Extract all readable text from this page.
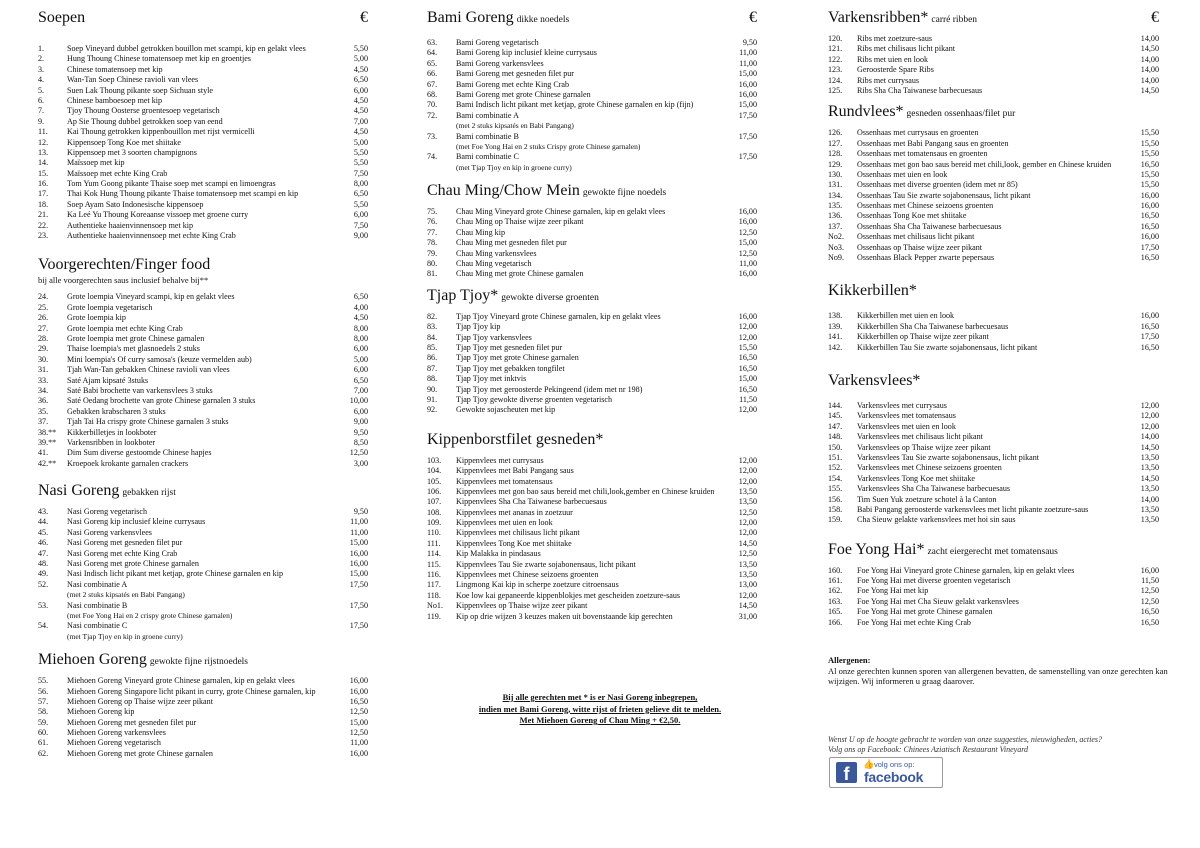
Soepen	€
1.	Soep Vineyard dubbel getrokken bouillon met scampi, kip en gelakt vlees	5,50
2.	Hung Thoung Chinese tomatensoep met kip en groentjes	5,00
3.	Chinese tomatensoep met kip	4,50
4.	Wan-Tan Soep Chinese ravioli van vlees	6,50
5.	Suen Lak Thoung pikante soep Sichuan style	6,00
6.	Chinese bamboesoep met kip	4,50
7.	Tjoy Thoung Oosterse groentesoep vegetarisch	4,50
9.	Ap Sie Thoung dubbel getrokken soep van eend	7,00
11. Kai Thoung getrokken kippenbouillon met rijst vermicelli	4,50
12. Kippensoep Tong Koe met shiitake	5,00
13. Kippensoep met 3 soorten champignons	5,50
14. Maïssoep met kip	5,50
15. Maïssoep met echte King Crab	7,50
16. Tom Yum Goong pikante Thaise soep met scampi en limoengras	8,00
17. Thai Kok Hung Thoung pikante Thaise tomatensoep met scampi en kip	6,50
18. Soep Ayam Sato Indonesische kippensoep	5,50
21. Ka Leé Yu Thoung Koreaanse vissoep met groene curry	6,00
22. Authentieke haaienvinnensoep met kip	7,50
23. Authentieke haaienvinnensoep met echte King Crab	9,00
Voorgerechten/Finger food

bij alle voorgerechten saus inclusief behalve bij**

24. Grote loempia Vineyard scampi, kip en gelakt vlees	6,50
25. Grote loempia vegetarisch	4,00
26. Grote loempia kip	4,50
27. Grote loempia met echte King Crab	8,00
28. Grote loempia met grote Chinese garnalen	8,00
29. Thaise loempia's met glasnoedels 2 stuks	6,00
30. Mini loempia's Of curry samosa's (keuze vermelden aub)	5,00
31. Tjah Wan-Tan gebakken Chinese ravioli van vlees	6,00
33. Saté Ajam kipsaté 3stuks	6,50
34. Saté Babi brochette van varkensvlees 3 stuks	7,00
36. Saté Oedang brochette van grote Chinese garnalen 3 stuks	10,00
35. Gebakken krabscharen 3 stuks	6,00
37. Tjah Tai Ha crispy grote Chinese garnalen 3 stuks	9,00
38.** Kikkerbilletjes in lookboter	9,50
39.** Varkensribben in lookboter	8,50
41. Dim Sum diverse gestoomde Chinese hapjes	12,50
42.** Kroepoek krokante garnalen crackers	3,00
Nasi Goreng gebakken rijst
43. Nasi Goreng vegetarisch	9,50
44. Nasi Goreng kip inclusief kleine currysaus	11,00
45. Nasi Goreng varkensvlees	11,00
46. Nasi Goreng met gesneden filet pur	15,00
47. Nasi Goreng met echte King Crab	16,00
48. Nasi Goreng met grote Chinese garnalen	16,00
49. Nasi Indisch licht pikant met ketjap, grote Chinese garnalen en kip	15,00
52. Nasi combinatie A	17,50
(met 2 stuks kipsatés en Babi Pangang)
53. Nasi combinatie B	17,50
(met Foe Yong Hai en 2 crispy grote Chinese garnalen)
54. Nasi combinatie C	17,50
(met Tjap Tjoy en kip in groene curry)
Miehoen Goreng gewokte fijne rijstnoedels
55. Miehoen Goreng Vineyard grote Chinese garnalen, kip en gelakt vlees	16,00
56. Miehoen Goreng Singapore licht pikant in curry, grote Chinese garnalen, kip	16,00
57. Miehoen Goreng op Thaise wijze zeer pikant	16,50
58. Miehoen Goreng kip	12,50
59. Miehoen Goreng met gesneden filet pur	15,00
60. Miehoen Goreng varkensvlees	12,50
61. Miehoen Goreng vegetarisch	11,00
62. Miehoen Goreng met grote Chinese garnalen	16,00
Bami Goreng dikke noedels	€
63. Bami Goreng vegetarisch	9,50
64. Bami Goreng kip inclusief kleine currysaus	11,00
65. Bami Goreng varkensvlees	11,00
66. Bami Goreng met gesneden filet pur	15,00
67. Bami Goreng met echte King Crab	16,00
68. Bami Goreng met grote Chinese garnalen	16,00
70. Bami Indisch licht pikant met ketjap, grote Chinese garnalen en kip (fijn)	15,00
72. Bami combinatie A	17,50
(met 2 stuks kipsatés en Babi Pangang)
73. Bami combinatie B	17,50
(met Foe Yong Hai en 2 stuks Crispy grote Chinese garnalen)
74. Bami combinatie C	17,50
(met Tjap Tjoy en kip in groene curry)
Chau Ming/Chow Mein gewokte fijne noedels
75. Chau Ming Vineyard grote Chinese garnalen, kip en gelakt vlees	16,00
76. Chau Ming op Thaise wijze zeer pikant	16,00
77. Chau Ming kip	12,50
78. Chau Ming met gesneden filet pur	15,00
79. Chau Ming varkensvlees	12,50
80. Chau Ming vegetarisch	11,00
81. Chau Ming met grote Chinese garnalen	16,00
Tjap Tjoy* gewokte diverse groenten
82. Tjap Tjoy Vineyard grote Chinese garnalen, kip en gelakt vlees	16,00
83. Tjap Tjoy kip	12,00
84. Tjap Tjoy varkensvlees	12,00
85. Tjap Tjoy met gesneden filet pur	15,50
86. Tjap Tjoy met grote Chinese garnalen	16,50
87. Tjap Tjoy met gebakken tongfilet	16,50
88. Tjap Tjoy met inktvis	15,00
90. Tjap Tjoy met geroosterde Pekingeend (idem met nr 198)	16,50
91. Tjap Tjoy gewokte diverse groenten vegetarisch	11,50
92. Gewokte sojascheuten met kip	12,00
Kippenborstfilet gesneden*
103. Kippenvlees met currysaus	12,00
104. Kippenvlees met Babi Pangang saus	12,00
105. Kippenvlees met tomatensaus	12,00
106. Kippenvlees met gon bao saus bereid met chili,look,gember en Chinese kruiden	13,50
107. Kippenvlees Sha Cha Taiwanese barbecuesaus	13,50
108. Kippenvlees met ananas in zoetzuur	12,50
109. Kippenvlees met uien en look	12,00
110. Kippenvlees met chilisaus licht pikant	12,00
111. Kippenvlees Tong Koe met shiitake	14,50
114. Kip Malakka in pindasaus	12,50
115. Kippenvlees Tau Sie zwarte sojabonensaus, licht pikant	13,50
116. Kippenvlees met Chinese seizoens groenten	13,50
117. Lingmong Kai kip in scherpe zoetzure citroensaus	13,00
118. Koe low kai gepaneerde kippenblokjes met gescheiden zoetzure-saus	12,00
No1. Kippenvlees op Thaise wijze zeer pikant	14,50
119. Kip op drie wijzen 3 keuzes maken uit bovenstaande kip gerechten	31,00
Varkensribben* carré ribben	€
120. Ribs met zoetzure-saus	14,00
121. Ribs met chilisaus licht pikant	14,50
122. Ribs met uien en look	14,00
123. Geroosterde Spare Ribs	14,00
124. Ribs met currysaus	14,00
125. Ribs Sha Cha Taiwanese barbecuesaus	14,50
Rundvlees* gesneden ossenhaas/filet pur
126. Ossenhaas met currysaus en groenten	15,50
127. Ossenhaas met Babi Pangang saus en groenten	15,50
128. Ossenhaas met tomatensaus en groenten	15,50
129. Ossenhaas met gon bao saus bereid met chili,look, gember en Chinese kruiden	16,50
130. Ossenhaas met uien en look	15,50
131. Ossenhaas met diverse groenten (idem met nr 85)	15,50
134. Ossenhaas Tau Sie zwarte sojabonensaus, licht pikant	16,00
135. Ossenhaas met Chinese seizoens groenten	16,00
136. Ossenhaas Tong Koe met shiitake	16,50
137. Ossenhaas Sha Cha Taiwanese barbecuesaus	16,50
No2. Ossenhaas met chilisaus licht pikant	16,00
No3. Ossenhaas op Thaise wijze zeer pikant	17,50
No9. Ossenhaas Black Pepper zwarte pepersaus	16,50
Kikkerbillen*
138. Kikkerbillen met uien en look	16,00
139. Kikkerbillen Sha Cha Taiwanese barbecuesaus	16,50
141. Kikkerbillen op Thaise wijze zeer pikant	17,50
142. Kikkerbillen Tau Sie zwarte sojabonensaus, licht pikant	16,50
Varkensvlees*
144. Varkensvlees met currysaus	12,00
145. Varkensvlees met tomatensaus	12,00
147. Varkensvlees met uien en look	12,00
148. Varkensvlees met chilisaus licht pikant	14,00
150. Varkensvlees op Thaise wijze zeer pikant	14,50
151. Varkensvlees Tau Sie zwarte sojabonensaus, licht pikant	13,50
152. Varkensvlees met Chinese seizoens groenten	13,50
154. Varkensvlees Tong Koe met shiitake	14,50
155. Varkensvlees Sha Cha Taiwanese barbecuesaus	13,50
156. Tim Suen Yuk zoetzure schotel à la Canton	14,00
158. Babi Pangang geroosterde varkensvlees met licht pikante zoetzure-saus	13,50
159. Cha Sieuw gelakte varkensvlees met hoi sin saus	13,50
Foe Yong Hai* zacht eiergerecht met tomatensaus
160. Foe Yong Hai Vineyard grote Chinese garnalen, kip en gelakt vlees	16,00
161. Foe Yong Hai met diverse groenten vegetarisch	11,50
162. Foe Yong Hai met kip	12,50
163. Foe Yong Hai met Cha Sieuw gelakt varkensvlees	12,50
165. Foe Yong Hai met grote Chinese garnalen	16,50
166. Foe Yong Hai met echte King Crab	16,50
Bij alle gerechten met * is er Nasi Goreng inbegrepen,
indien met Bami Goreng, witte rijst of frieten gelieve dit te melden.
Met Miehoen Goreng of Chau Ming + €2,50.
Allergenen:
Al onze gerechten kunnen sporen van allergenen bevatten, de samenstelling van onze gerechten kan wijzigen. Wij informeren u graag daarover.
Wenst U op de hoogte gebracht te worden van onze suggesties, nieuwigheden, acties?
Volg ons op Facebook: Chinees Aziatisch Restaurant Vineyard
f	👍 volg ons op:
facebook
